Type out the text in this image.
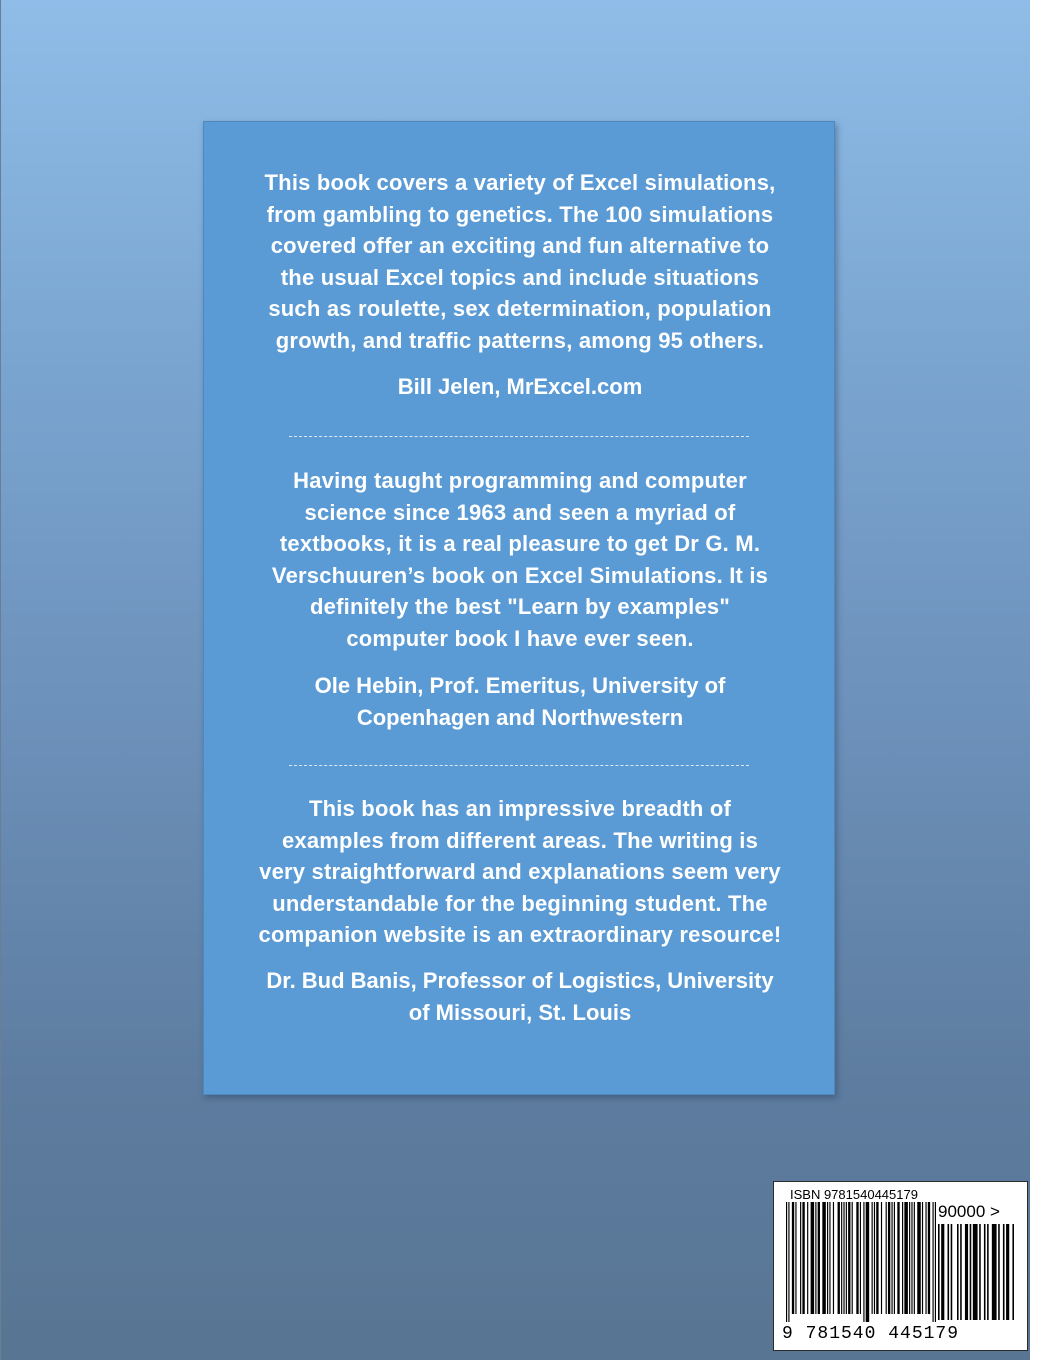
This book covers a variety of Excel simulations,
from gambling to genetics. The 100 simulations
covered offer an exciting and fun alternative to
the usual Excel topics and include situations
such as roulette, sex determination, population
growth, and traffic patterns, among 95 others.

Bill Jelen, MrExcel.com

Having taught programming and computer
science since 1963 and seen a myriad of
textbooks, it is a real pleasure to get Dr G. M.
Verschuuren’s book on Excel Simulations. It is
definitely the best "Learn by examples"
computer book I have ever seen.

Ole Hebin, Prof. Emeritus, University of
Copenhagen and Northwestern

This book has an impressive breadth of
examples from different areas. The writing is
very straightforward and explanations seem very
understandable for the beginning student. The
companion website is an extraordinary resource!

Dr. Bud Banis, Professor of Logistics, University
of Missouri, St. Louis

ISBN 9781540445179
90000 >
9 781540 445179
